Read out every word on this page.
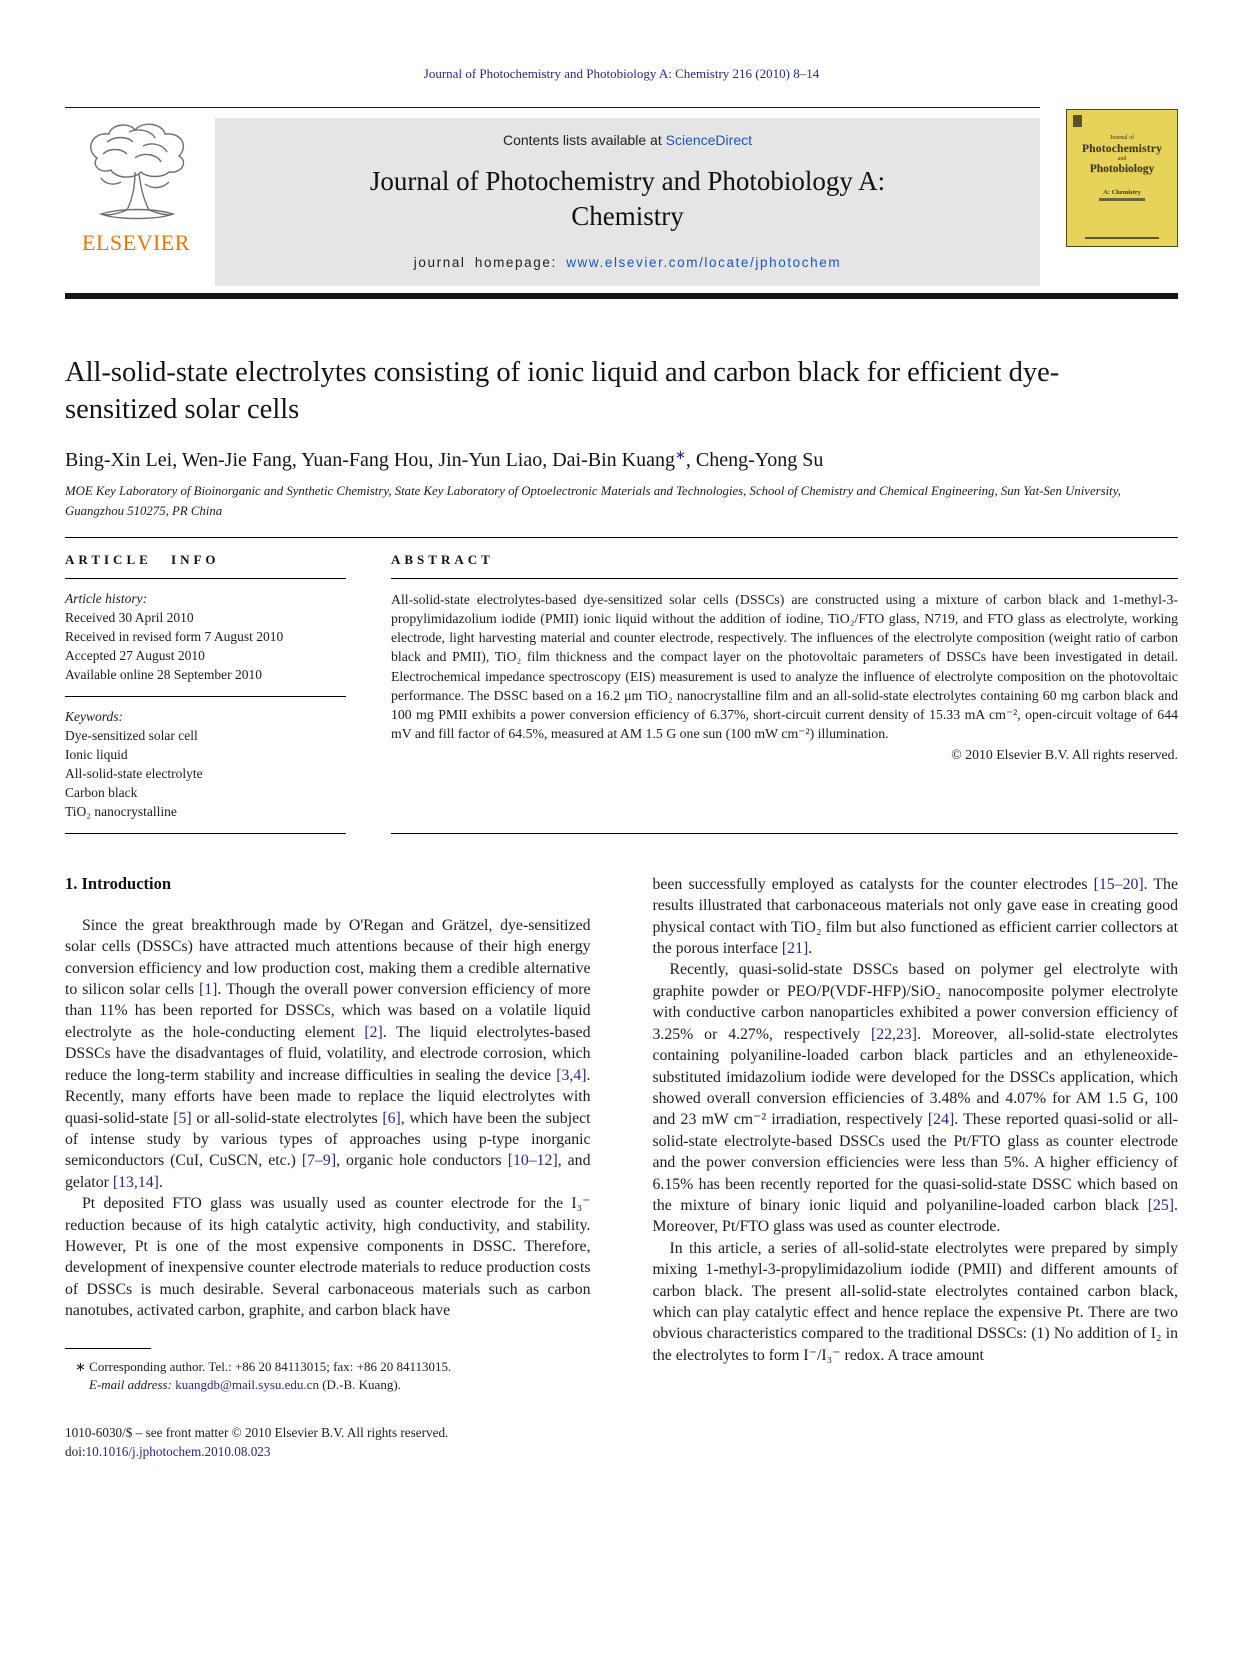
Journal of Photochemistry and Photobiology A: Chemistry 216 (2010) 8–14
ELSEVIER
Contents lists available at ScienceDirect
Journal of Photochemistry and Photobiology A:
Chemistry
journal homepage: www.elsevier.com/locate/jphotochem
Journal of
Photochemistry
and
Photobiology
A: Chemistry
All-solid-state electrolytes consisting of ionic liquid and carbon black for efficient dye-sensitized solar cells
Bing-Xin Lei, Wen-Jie Fang, Yuan-Fang Hou, Jin-Yun Liao, Dai-Bin Kuang∗, Cheng-Yong Su
MOE Key Laboratory of Bioinorganic and Synthetic Chemistry, State Key Laboratory of Optoelectronic Materials and Technologies, School of Chemistry and Chemical Engineering, Sun Yat-Sen University, Guangzhou 510275, PR China
ARTICLE INFO
Article history:
Received 30 April 2010
Received in revised form 7 August 2010
Accepted 27 August 2010
Available online 28 September 2010
Keywords:
Dye-sensitized solar cell
Ionic liquid
All-solid-state electrolyte
Carbon black
TiO₂ nanocrystalline
ABSTRACT
All-solid-state electrolytes-based dye-sensitized solar cells (DSSCs) are constructed using a mixture of carbon black and 1-methyl-3-propylimidazolium iodide (PMII) ionic liquid without the addition of iodine, TiO₂/FTO glass, N719, and FTO glass as electrolyte, working electrode, light harvesting material and counter electrode, respectively. The influences of the electrolyte composition (weight ratio of carbon black and PMII), TiO₂ film thickness and the compact layer on the photovoltaic parameters of DSSCs have been investigated in detail. Electrochemical impedance spectroscopy (EIS) measurement is used to analyze the influence of electrolyte composition on the photovoltaic performance. The DSSC based on a 16.2 μm TiO₂ nanocrystalline film and an all-solid-state electrolytes containing 60 mg carbon black and 100 mg PMII exhibits a power conversion efficiency of 6.37%, short-circuit current density of 15.33 mA cm⁻², open-circuit voltage of 644 mV and fill factor of 64.5%, measured at AM 1.5 G one sun (100 mW cm⁻²) illumination.
© 2010 Elsevier B.V. All rights reserved.
1. Introduction

Since the great breakthrough made by O'Regan and Grätzel, dye-sensitized solar cells (DSSCs) have attracted much attentions because of their high energy conversion efficiency and low production cost, making them a credible alternative to silicon solar cells [1]. Though the overall power conversion efficiency of more than 11% has been reported for DSSCs, which was based on a volatile liquid electrolyte as the hole-conducting element [2]. The liquid electrolytes-based DSSCs have the disadvantages of fluid, volatility, and electrode corrosion, which reduce the long-term stability and increase difficulties in sealing the device [3,4]. Recently, many efforts have been made to replace the liquid electrolytes with quasi-solid-state [5] or all-solid-state electrolytes [6], which have been the subject of intense study by various types of approaches using p-type inorganic semiconductors (CuI, CuSCN, etc.) [7–9], organic hole conductors [10–12], and gelator [13,14].

Pt deposited FTO glass was usually used as counter electrode for the I₃⁻ reduction because of its high catalytic activity, high conductivity, and stability. However, Pt is one of the most expensive components in DSSC. Therefore, development of inexpensive counter electrode materials to reduce production costs of DSSCs is much desirable. Several carbonaceous materials such as carbon nanotubes, activated carbon, graphite, and carbon black have

∗ Corresponding author. Tel.: +86 20 84113015; fax: +86 20 84113015.
E-mail address: kuangdb@mail.sysu.edu.cn (D.-B. Kuang).
1010-6030/$ – see front matter © 2010 Elsevier B.V. All rights reserved.
doi:10.1016/j.jphotochem.2010.08.023

been successfully employed as catalysts for the counter electrodes [15–20]. The results illustrated that carbonaceous materials not only gave ease in creating good physical contact with TiO₂ film but also functioned as efficient carrier collectors at the porous interface [21].

Recently, quasi-solid-state DSSCs based on polymer gel electrolyte with graphite powder or PEO/P(VDF-HFP)/SiO₂ nanocomposite polymer electrolyte with conductive carbon nanoparticles exhibited a power conversion efficiency of 3.25% or 4.27%, respectively [22,23]. Moreover, all-solid-state electrolytes containing polyaniline-loaded carbon black particles and an ethyleneoxide-substituted imidazolium iodide were developed for the DSSCs application, which showed overall conversion efficiencies of 3.48% and 4.07% for AM 1.5 G, 100 and 23 mW cm⁻² irradiation, respectively [24]. These reported quasi-solid or all-solid-state electrolyte-based DSSCs used the Pt/FTO glass as counter electrode and the power conversion efficiencies were less than 5%. A higher efficiency of 6.15% has been recently reported for the quasi-solid-state DSSC which based on the mixture of binary ionic liquid and polyaniline-loaded carbon black [25]. Moreover, Pt/FTO glass was used as counter electrode.

In this article, a series of all-solid-state electrolytes were prepared by simply mixing 1-methyl-3-propylimidazolium iodide (PMII) and different amounts of carbon black. The present all-solid-state electrolytes contained carbon black, which can play catalytic effect and hence replace the expensive Pt. There are two obvious characteristics compared to the traditional DSSCs: (1) No addition of I₂ in the electrolytes to form I⁻/I₃⁻ redox. A trace amount
